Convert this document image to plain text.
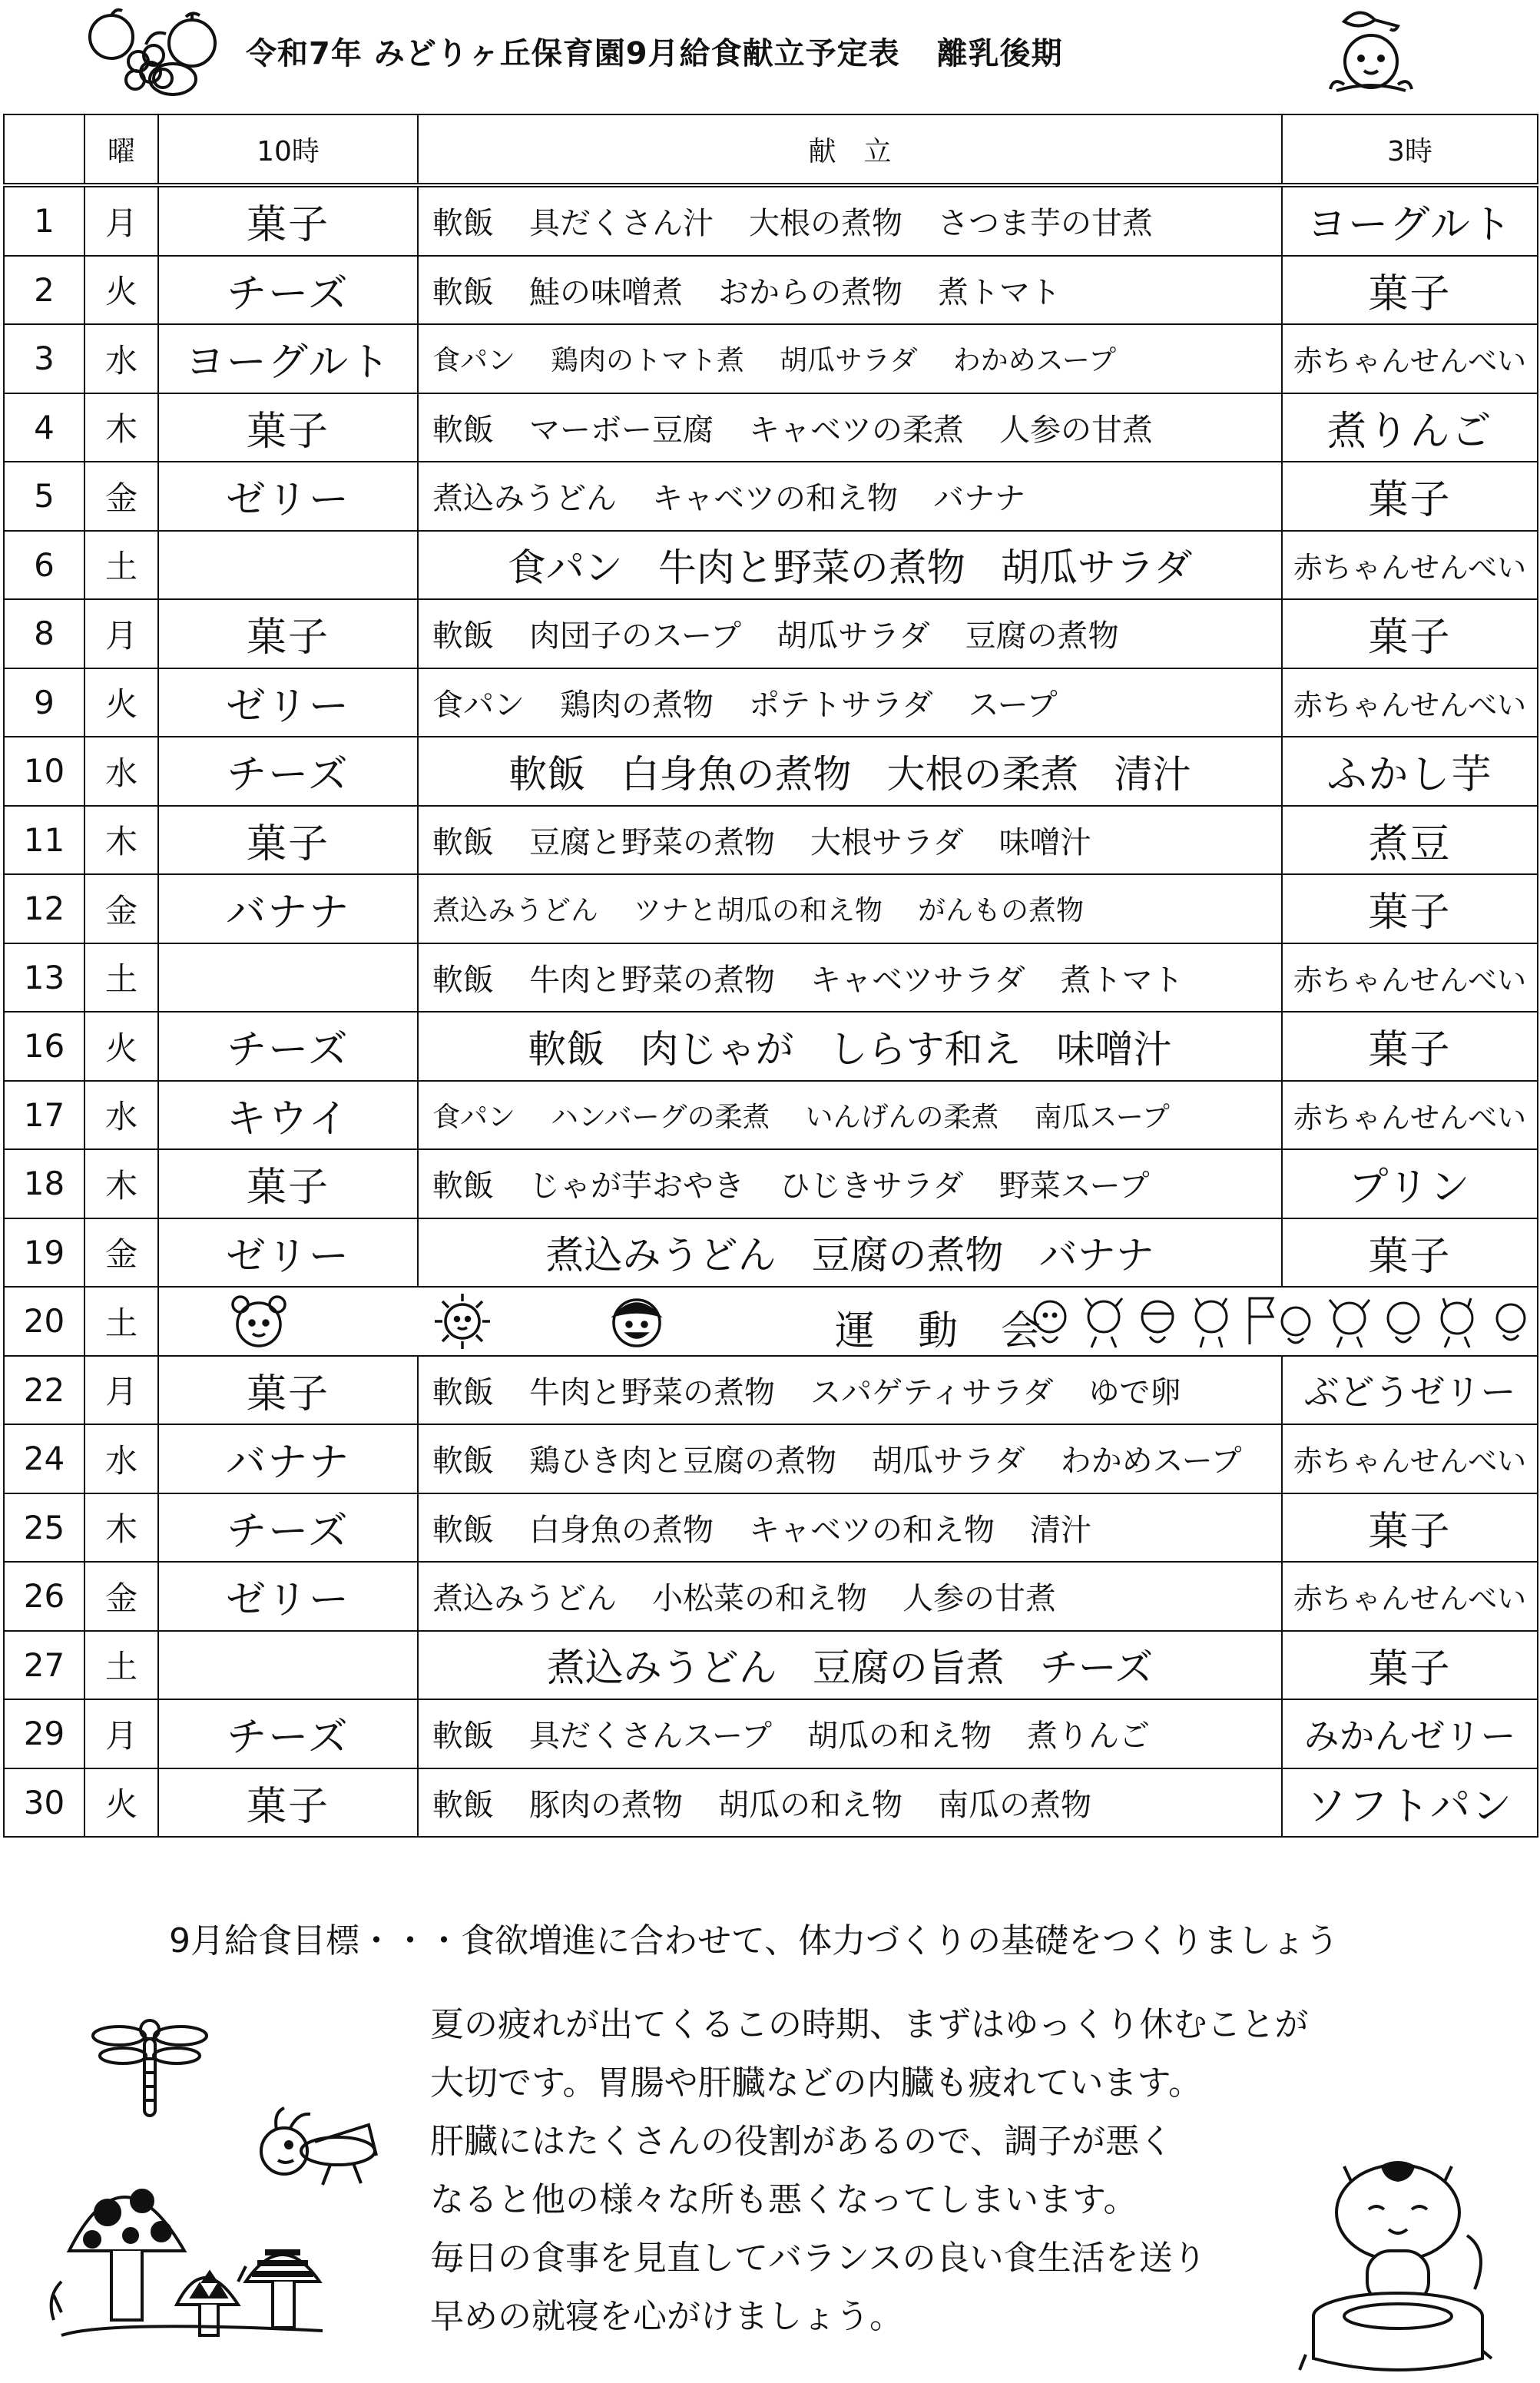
令和7年 みどりヶ丘保育園9月給食献立予定表 離乳後期
	曜	10時	献　立	3時
1	月	菓子	軟飯 具だくさん汁 大根の煮物 さつま芋の甘煮	ヨーグルト
2	火	チーズ	軟飯 鮭の味噌煮 おからの煮物 煮トマト	菓子
3	水	ヨーグルト	食パン 鶏肉のトマト煮 胡瓜サラダ わかめスープ	赤ちゃんせんべい
4	木	菓子	軟飯 マーボー豆腐 キャベツの柔煮 人参の甘煮	煮りんご
5	金	ゼリー	煮込みうどん キャベツの和え物 バナナ	菓子
6	土		食パン 牛肉と野菜の煮物 胡瓜サラダ	赤ちゃんせんべい
8	月	菓子	軟飯 肉団子のスープ 胡瓜サラダ 豆腐の煮物	菓子
9	火	ゼリー	食パン 鶏肉の煮物 ポテトサラダ スープ	赤ちゃんせんべい
10	水	チーズ	軟飯 白身魚の煮物 大根の柔煮 清汁	ふかし芋
11	木	菓子	軟飯 豆腐と野菜の煮物 大根サラダ 味噌汁	煮豆
12	金	バナナ	煮込みうどん ツナと胡瓜の和え物 がんもの煮物	菓子
13	土		軟飯 牛肉と野菜の煮物 キャベツサラダ 煮トマト	赤ちゃんせんべい
16	火	チーズ	軟飯 肉じゃが しらす和え 味噌汁	菓子
17	水	キウイ	食パン ハンバーグの柔煮 いんげんの柔煮 南瓜スープ	赤ちゃんせんべい
18	木	菓子	軟飯 じゃが芋おやき ひじきサラダ 野菜スープ	プリン
19	金	ゼリー	煮込みうどん 豆腐の煮物 バナナ	菓子
20	土	運　動　会		

22	月	菓子	軟飯 牛肉と野菜の煮物 スパゲティサラダ ゆで卵	ぶどうゼリー
24	水	バナナ	軟飯 鶏ひき肉と豆腐の煮物 胡瓜サラダ わかめスープ	赤ちゃんせんべい
25	木	チーズ	軟飯 白身魚の煮物 キャベツの和え物 清汁	菓子
26	金	ゼリー	煮込みうどん 小松菜の和え物 人参の甘煮	赤ちゃんせんべい
27	土		煮込みうどん 豆腐の旨煮 チーズ	菓子
29	月	チーズ	軟飯 具だくさんスープ 胡瓜の和え物 煮りんご	みかんゼリー
30	火	菓子	軟飯 豚肉の煮物 胡瓜の和え物 南瓜の煮物	ソフトパン
9月給食目標・・・食欲増進に合わせて、体力づくりの基礎をつくりましょう

夏の疲れが出てくるこの時期、まずはゆっくり休むことが

大切です。胃腸や肝臓などの内臓も疲れています。

肝臓にはたくさんの役割があるので、調子が悪く

なると他の様々な所も悪くなってしまいます。

毎日の食事を見直してバランスの良い食生活を送り

早めの就寝を心がけましょう。
